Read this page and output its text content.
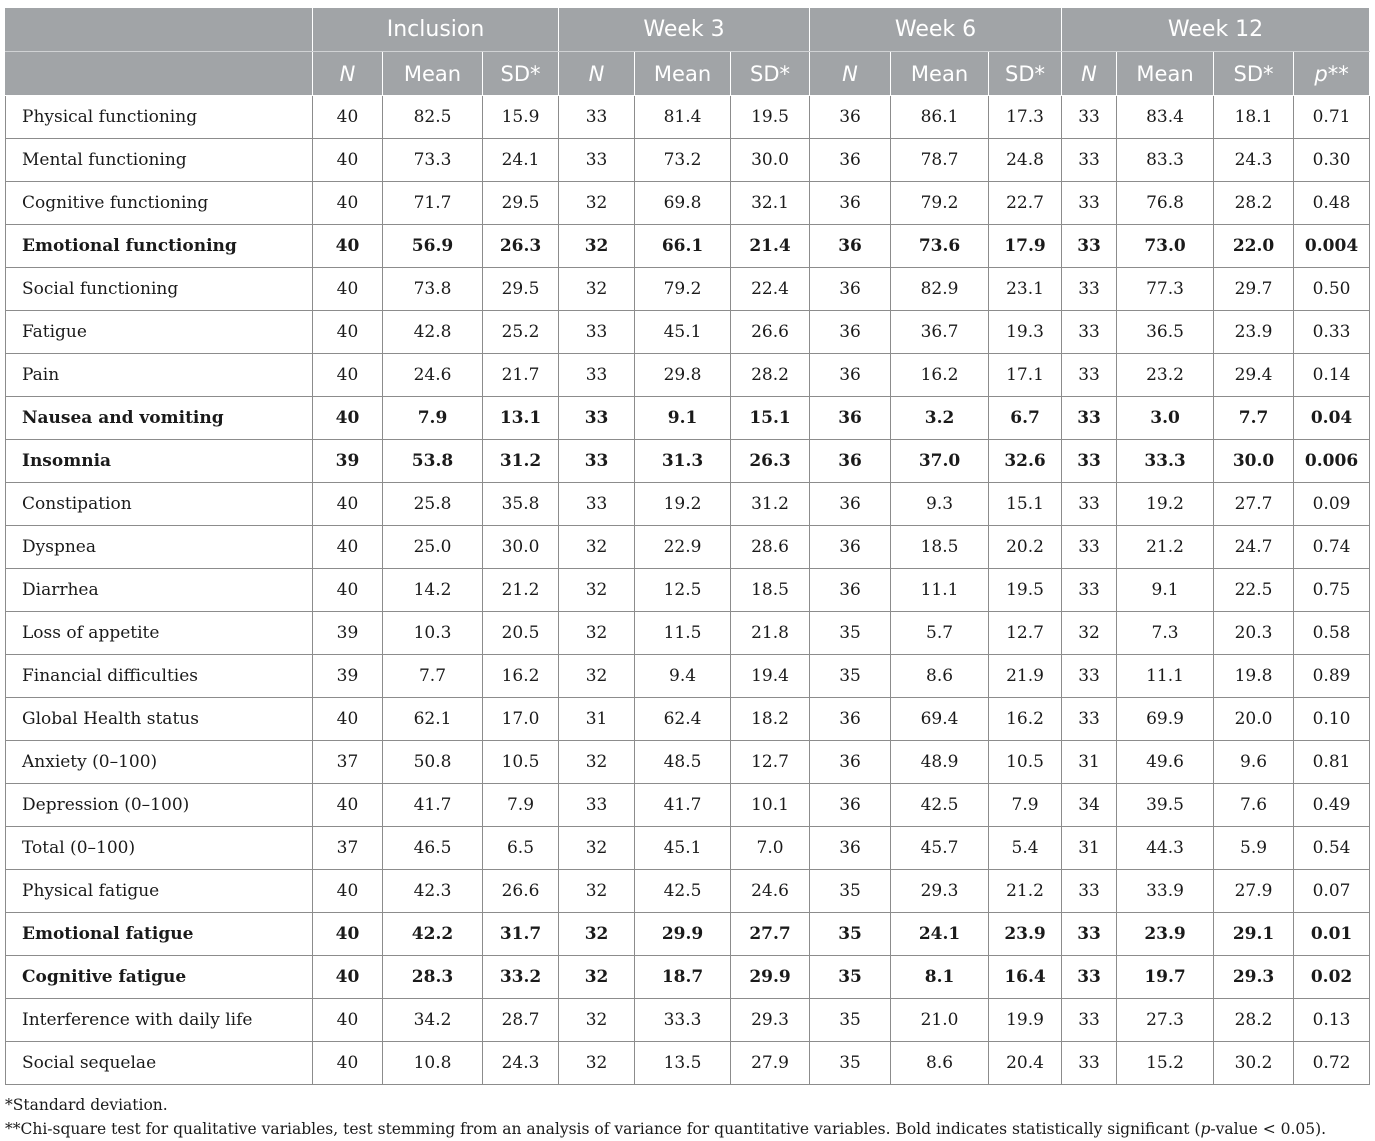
	Inclusion			Week 3			Week 6			Week 12			
	N	Mean	SD*	N	Mean	SD*	N	Mean	SD*	N	Mean	SD*	p**
Physical functioning	40	82.5	15.9	33	81.4	19.5	36	86.1	17.3	33	83.4	18.1	0.71
Mental functioning	40	73.3	24.1	33	73.2	30.0	36	78.7	24.8	33	83.3	24.3	0.30
Cognitive functioning	40	71.7	29.5	32	69.8	32.1	36	79.2	22.7	33	76.8	28.2	0.48
Emotional functioning	40	56.9	26.3	32	66.1	21.4	36	73.6	17.9	33	73.0	22.0	0.004
Social functioning	40	73.8	29.5	32	79.2	22.4	36	82.9	23.1	33	77.3	29.7	0.50
Fatigue	40	42.8	25.2	33	45.1	26.6	36	36.7	19.3	33	36.5	23.9	0.33
Pain	40	24.6	21.7	33	29.8	28.2	36	16.2	17.1	33	23.2	29.4	0.14
Nausea and vomiting	40	7.9	13.1	33	9.1	15.1	36	3.2	6.7	33	3.0	7.7	0.04
Insomnia	39	53.8	31.2	33	31.3	26.3	36	37.0	32.6	33	33.3	30.0	0.006
Constipation	40	25.8	35.8	33	19.2	31.2	36	9.3	15.1	33	19.2	27.7	0.09
Dyspnea	40	25.0	30.0	32	22.9	28.6	36	18.5	20.2	33	21.2	24.7	0.74
Diarrhea	40	14.2	21.2	32	12.5	18.5	36	11.1	19.5	33	9.1	22.5	0.75
Loss of appetite	39	10.3	20.5	32	11.5	21.8	35	5.7	12.7	32	7.3	20.3	0.58
Financial difficulties	39	7.7	16.2	32	9.4	19.4	35	8.6	21.9	33	11.1	19.8	0.89
Global Health status	40	62.1	17.0	31	62.4	18.2	36	69.4	16.2	33	69.9	20.0	0.10
Anxiety (0–100)	37	50.8	10.5	32	48.5	12.7	36	48.9	10.5	31	49.6	9.6	0.81
Depression (0–100)	40	41.7	7.9	33	41.7	10.1	36	42.5	7.9	34	39.5	7.6	0.49
Total (0–100)	37	46.5	6.5	32	45.1	7.0	36	45.7	5.4	31	44.3	5.9	0.54
Physical fatigue	40	42.3	26.6	32	42.5	24.6	35	29.3	21.2	33	33.9	27.9	0.07
Emotional fatigue	40	42.2	31.7	32	29.9	27.7	35	24.1	23.9	33	23.9	29.1	0.01
Cognitive fatigue	40	28.3	33.2	32	18.7	29.9	35	8.1	16.4	33	19.7	29.3	0.02
Interference with daily life	40	34.2	28.7	32	33.3	29.3	35	21.0	19.9	33	27.3	28.2	0.13
Social sequelae	40	10.8	24.3	32	13.5	27.9	35	8.6	20.4	33	15.2	30.2	0.72
*Standard deviation.
**Chi-square test for qualitative variables, test stemming from an analysis of variance for quantitative variables. Bold indicates statistically significant (p-value < 0.05).
